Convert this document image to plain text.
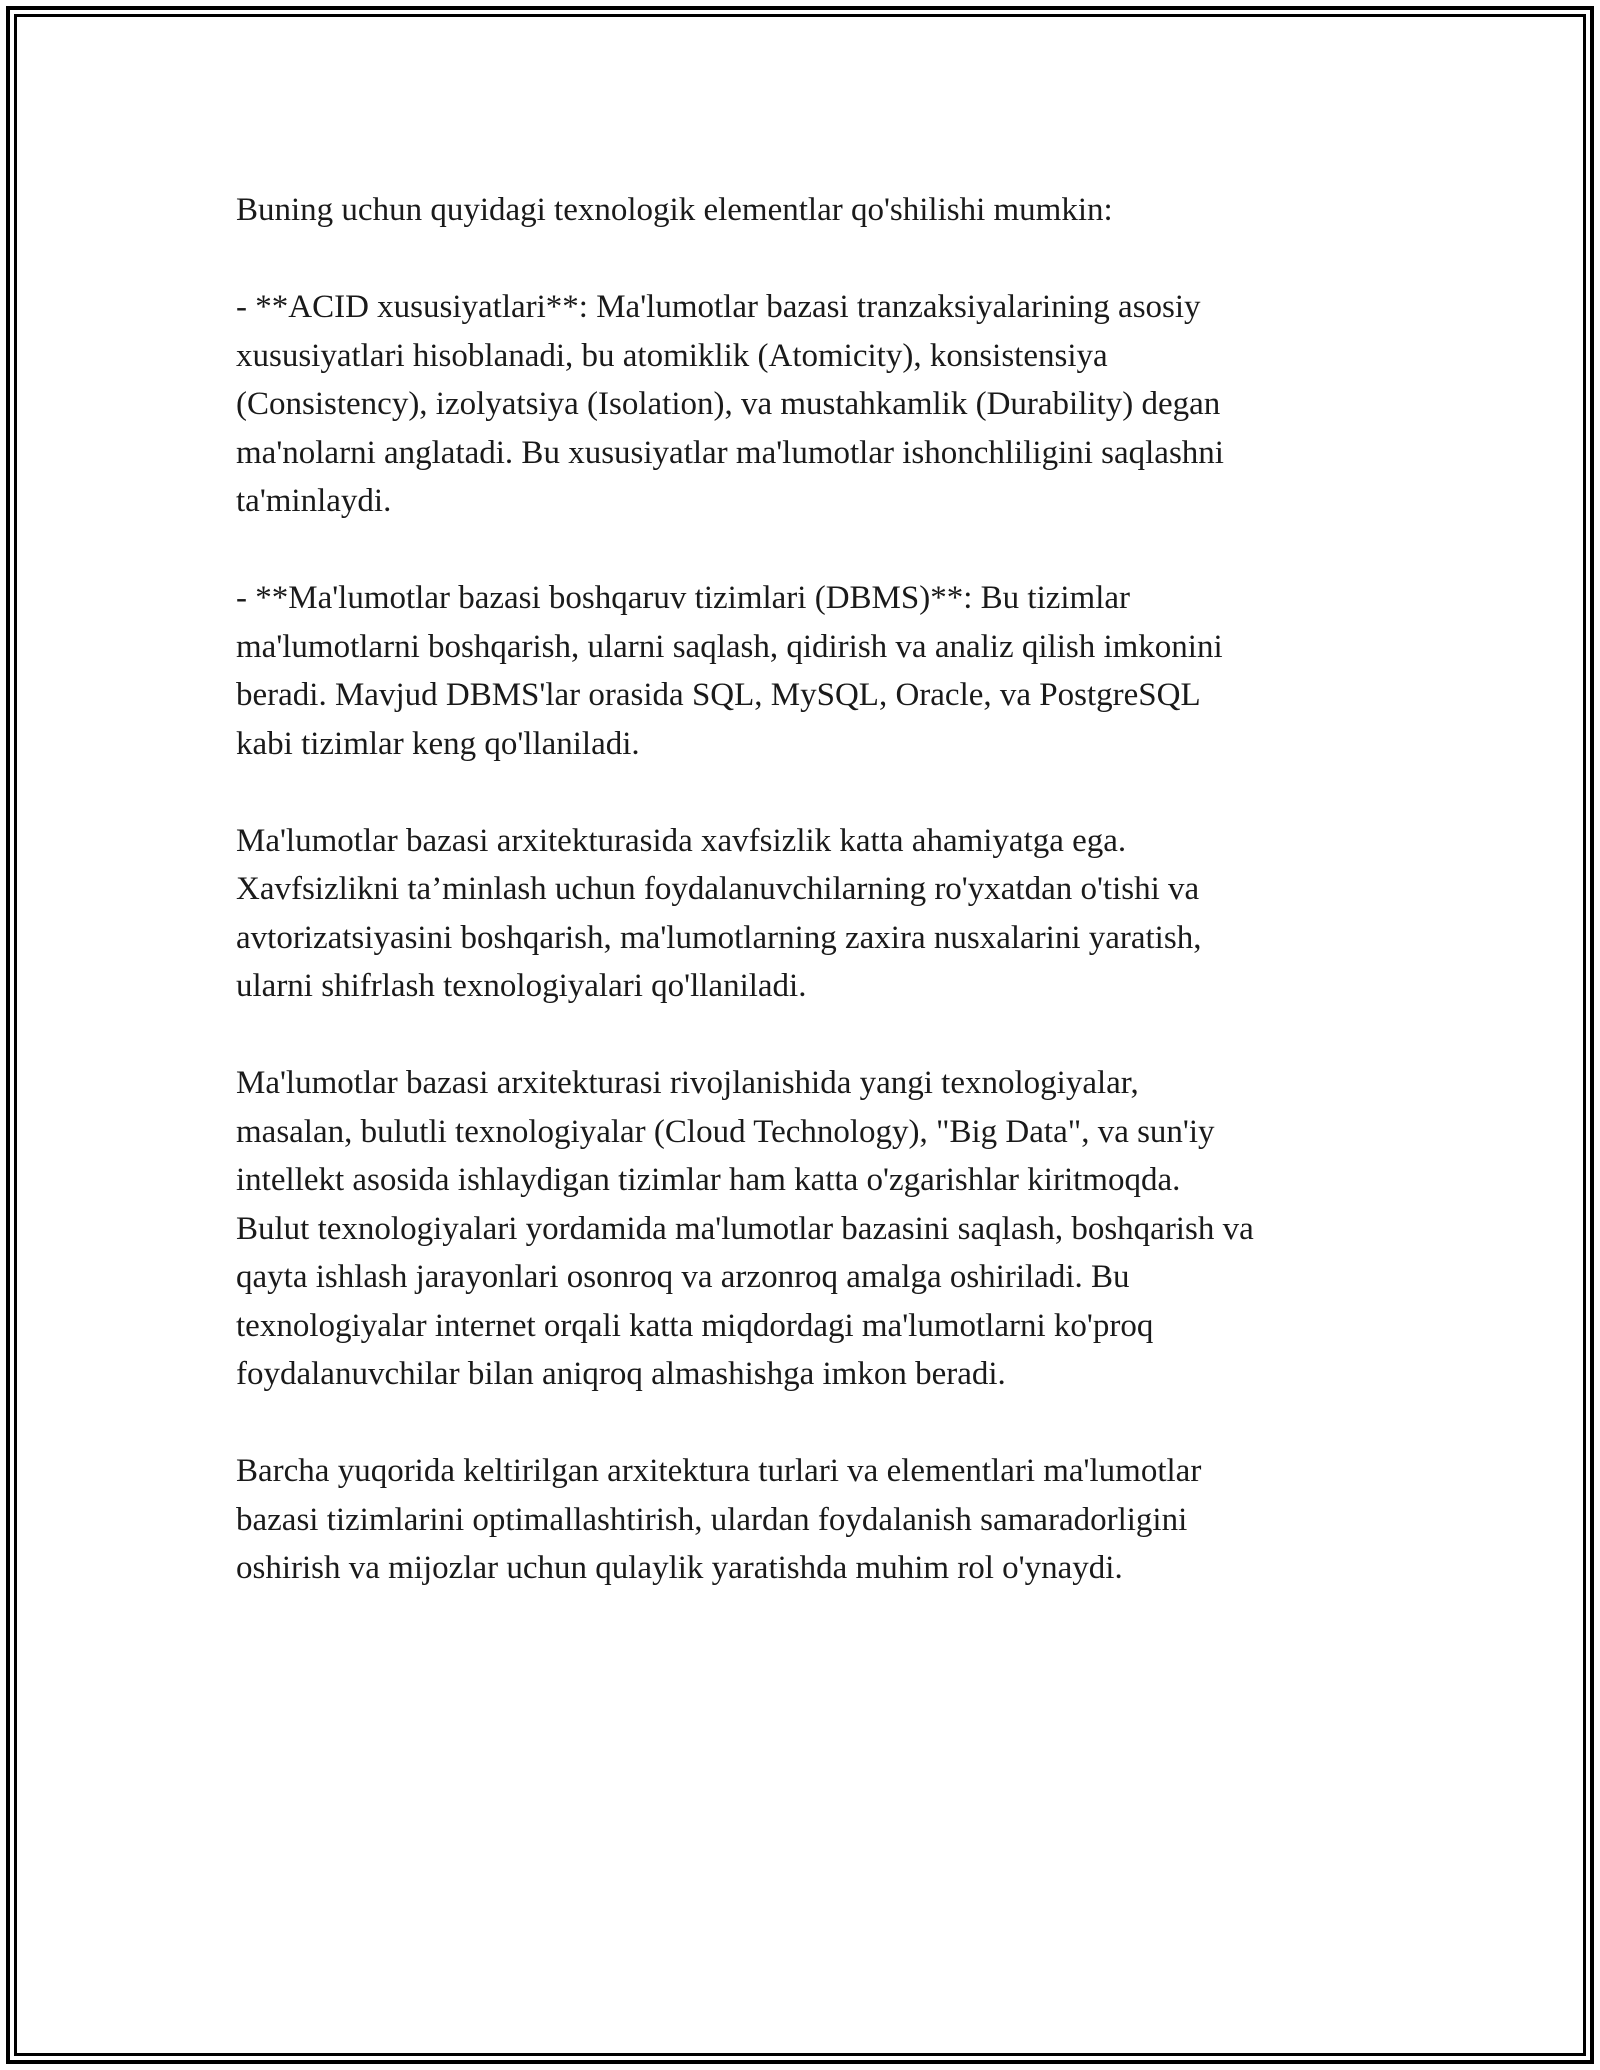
Buning uchun quyidagi texnologik elementlar qo'shilishi mumkin:

- **ACID xususiyatlari**: Ma'lumotlar bazasi tranzaksiyalarining asosiy
xususiyatlari hisoblanadi, bu atomiklik (Atomicity), konsistensiya
(Consistency), izolyatsiya (Isolation), va mustahkamlik (Durability) degan
ma'nolarni anglatadi. Bu xususiyatlar ma'lumotlar ishonchliligini saqlashni
ta'minlaydi.

- **Ma'lumotlar bazasi boshqaruv tizimlari (DBMS)**: Bu tizimlar
ma'lumotlarni boshqarish, ularni saqlash, qidirish va analiz qilish imkonini
beradi. Mavjud DBMS'lar orasida SQL, MySQL, Oracle, va PostgreSQL
kabi tizimlar keng qo'llaniladi.

Ma'lumotlar bazasi arxitekturasida xavfsizlik katta ahamiyatga ega.
Xavfsizlikni ta’minlash uchun foydalanuvchilarning ro'yxatdan o'tishi va
avtorizatsiyasini boshqarish, ma'lumotlarning zaxira nusxalarini yaratish,
ularni shifrlash texnologiyalari qo'llaniladi.

Ma'lumotlar bazasi arxitekturasi rivojlanishida yangi texnologiyalar,
masalan, bulutli texnologiyalar (Cloud Technology), "Big Data", va sun'iy
intellekt asosida ishlaydigan tizimlar ham katta o'zgarishlar kiritmoqda.
Bulut texnologiyalari yordamida ma'lumotlar bazasini saqlash, boshqarish va
qayta ishlash jarayonlari osonroq va arzonroq amalga oshiriladi. Bu
texnologiyalar internet orqali katta miqdordagi ma'lumotlarni ko'proq
foydalanuvchilar bilan aniqroq almashishga imkon beradi.

Barcha yuqorida keltirilgan arxitektura turlari va elementlari ma'lumotlar
bazasi tizimlarini optimallashtirish, ulardan foydalanish samaradorligini
oshirish va mijozlar uchun qulaylik yaratishda muhim rol o'ynaydi.
